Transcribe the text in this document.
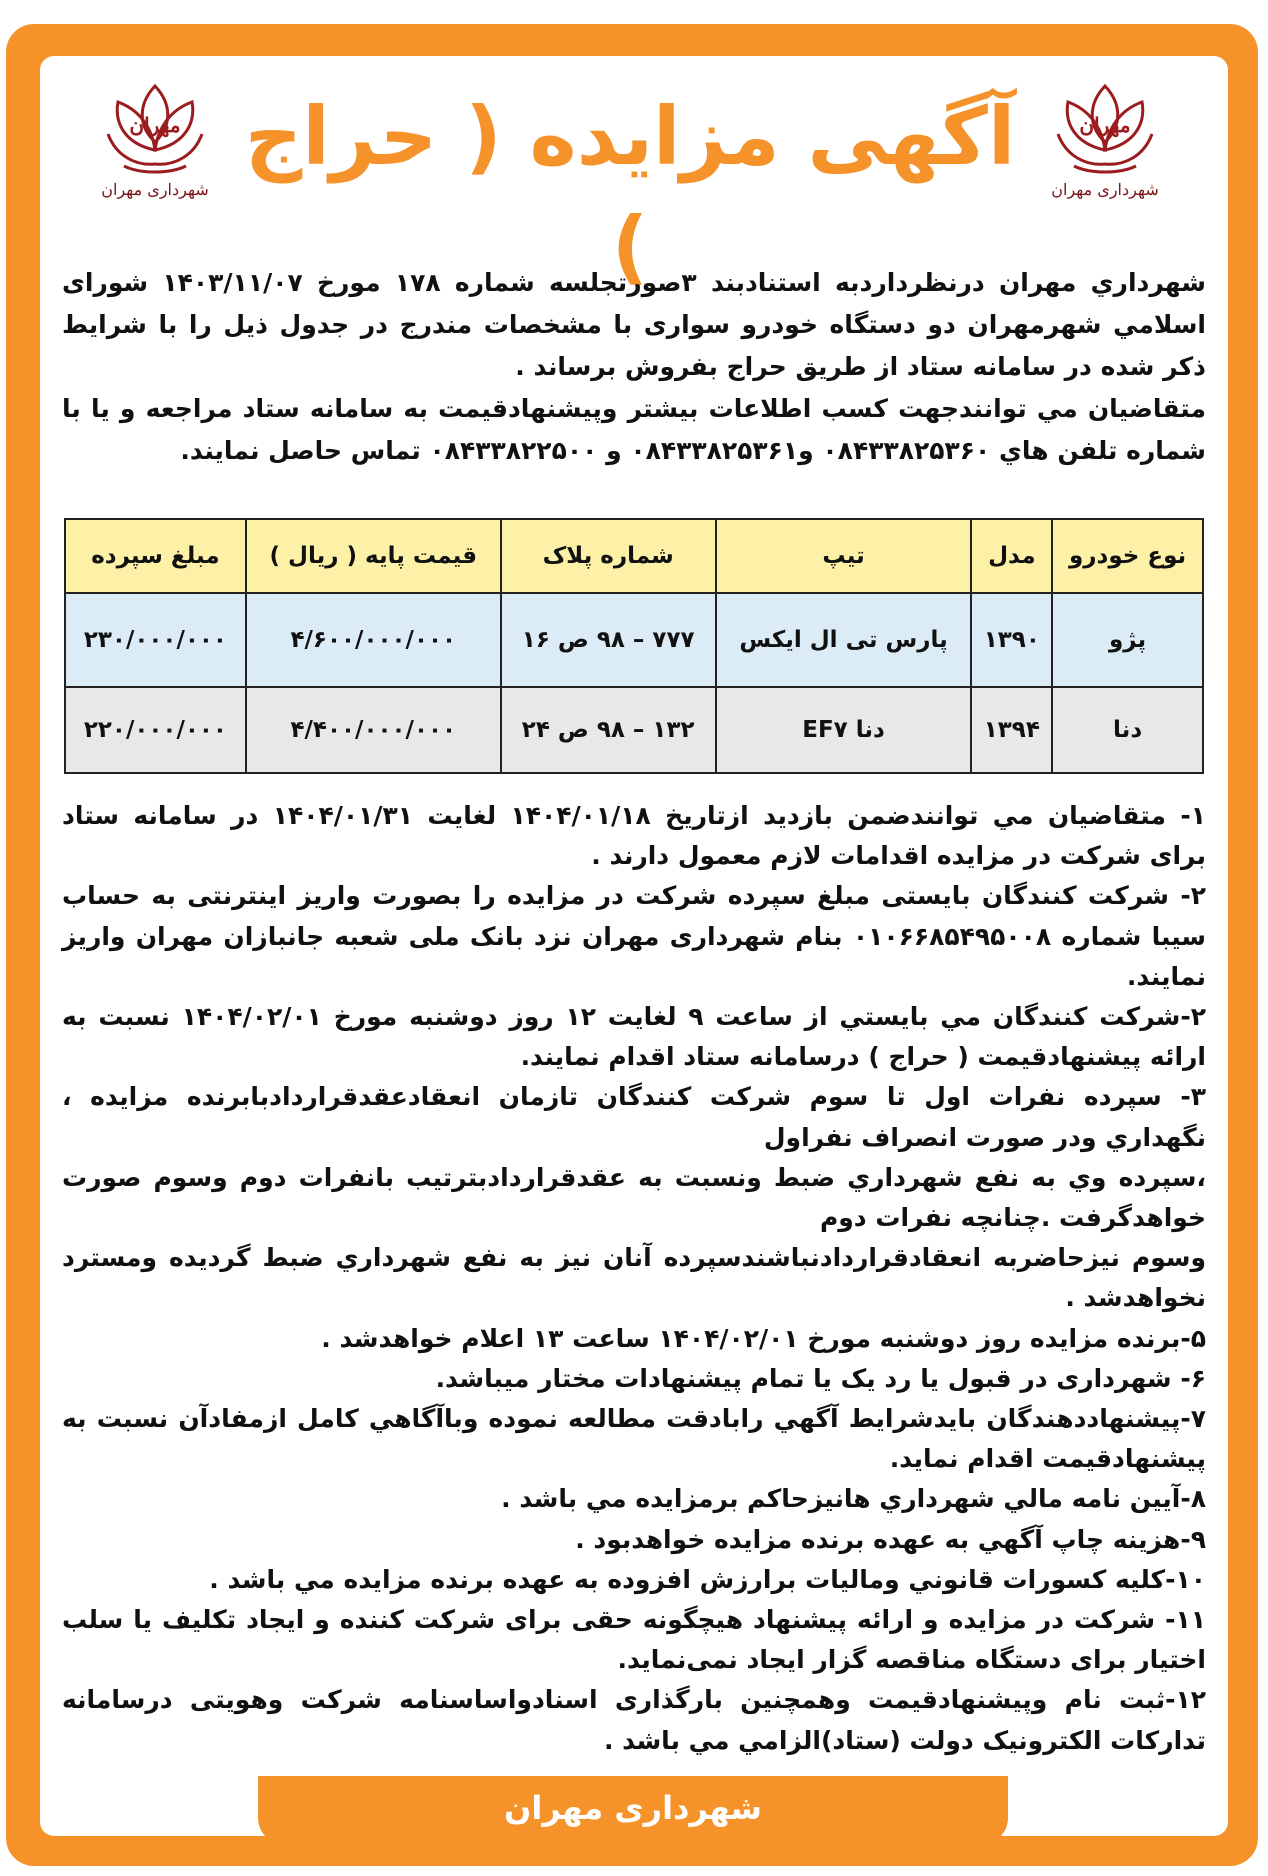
مهران
شهرداری مهران
مهران
شهرداری مهران
آگهی مزایده ( حراج )

شهرداري مهران درنظرداردبه استنادبند ۳صورتجلسه شماره ۱۷۸ مورخ ۱۴۰۳/۱۱/۰۷ شورای اسلامي شهرمهران دو دستگاه خودرو سواری با مشخصات مندرج در جدول ذیل را با شرایط ذکر شده در سامانه ستاد از طریق حراج بفروش برساند .

متقاضیان مي توانندجهت کسب اطلاعات بیشتر وپیشنهادقیمت به سامانه ستاد مراجعه و یا با شماره تلفن هاي ۰۸۴۳۳۸۲۵۳۶۰ و۰۸۴۳۳۸۲۵۳۶۱ و ۰۸۴۳۳۸۲۲۵۰۰ تماس حاصل نمایند.

نوع خودرو	مدل	تیپ	شماره پلاک	قیمت پایه ( ریال )	مبلغ سپرده
پژو	۱۳۹۰	پارس تی ال ایکس	۷۷۷ – ۹۸ ص ۱۶	۴/۶۰۰/۰۰۰/۰۰۰	۲۳۰/۰۰۰/۰۰۰
دنا	۱۳۹۴	دنا EF۷	۱۳۲ – ۹۸ ص ۲۴	۴/۴۰۰/۰۰۰/۰۰۰	۲۲۰/۰۰۰/۰۰۰

۱- متقاضیان مي توانندضمن بازدید ازتاریخ ۱۴۰۴/۰۱/۱۸ لغایت ۱۴۰۴/۰۱/۳۱ در سامانه ستاد برای شرکت در مزایده اقدامات لازم معمول دارند .

۲- شرکت کنندگان بایستی مبلغ سپرده شرکت در مزایده را بصورت واریز اینترنتی به حساب سیبا شماره ۰۱۰۶۶۸۵۴۹۵۰۰۸ بنام شهرداری مهران نزد بانک ملی شعبه جانبازان مهران واریز نمایند.

۲-شرکت کنندگان مي بایستي از ساعت ۹ لغایت ۱۲ روز دوشنبه مورخ ۱۴۰۴/۰۲/۰۱ نسبت به ارائه پیشنهادقیمت ( حراج ) درسامانه ستاد اقدام نمایند.

۳- سپرده نفرات اول تا سوم شرکت کنندگان تازمان انعقادعقدقراردادبابرنده مزایده ، نگهداري ودر صورت انصراف نفراول

،سپرده وي به نفع شهرداري ضبط ونسبت به عقدقراردادبترتیب بانفرات دوم وسوم صورت خواهدگرفت .چنانچه نفرات دوم

وسوم نیزحاضربه انعقادقراردادنباشندسپرده آنان نیز به نفع شهرداري ضبط گردیده ومسترد نخواهدشد .

۵-برنده مزایده روز دوشنبه مورخ ۱۴۰۴/۰۲/۰۱ ساعت ۱۳ اعلام خواهدشد .

۶- شهرداری در قبول یا رد یک یا تمام پیشنهادات مختار میباشد.

۷-پیشنهاددهندگان بایدشرایط آگهي رابادقت مطالعه نموده وباآگاهي کامل ازمفادآن نسبت به پیشنهادقیمت اقدام نماید.

۸-آیین نامه مالي شهرداري هانیزحاکم برمزایده مي باشد .

۹-هزینه چاپ آگهي به عهده برنده مزایده خواهدبود .

۱۰-کلیه کسورات قانوني ومالیات برارزش افزوده به عهده برنده مزایده مي باشد .

۱۱- شرکت در مزایده و ارائه پیشنهاد هیچگونه حقی برای شرکت کننده و ایجاد تکلیف یا سلب اختیار برای دستگاه مناقصه گزار ایجاد نمی‌نماید.

۱۲-ثبت نام وپیشنهادقیمت وهمچنین بارگذاری اسنادواساسنامه شرکت وهویتی درسامانه تدارکات الکترونیک دولت (ستاد)الزامي مي باشد .

شهرداری مهران
